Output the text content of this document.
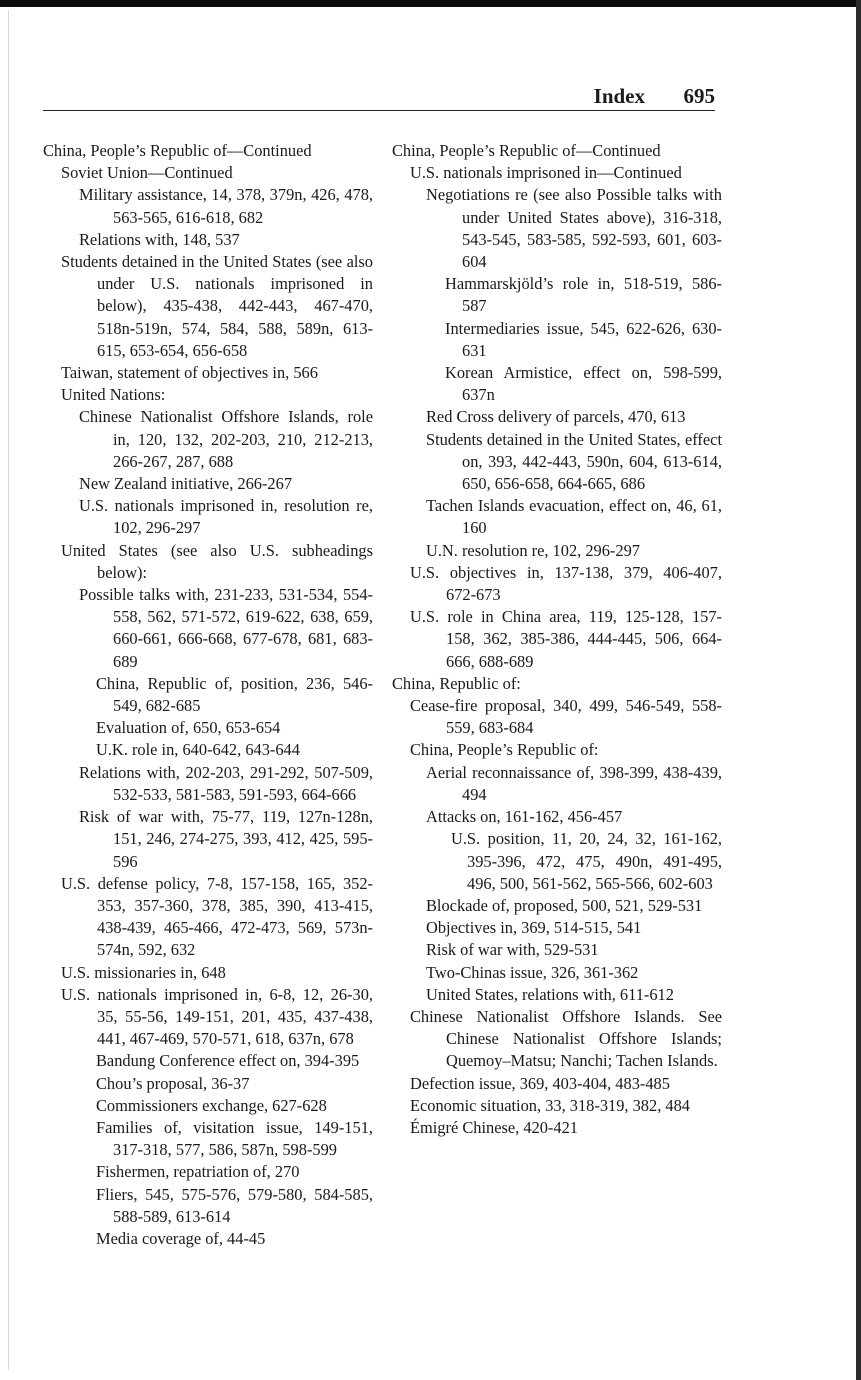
Index 695

China, People’s Republic of—Continued

Soviet Union—Continued

Military assistance, 14, 378, 379n, 426, 478, 563-565, 616-618, 682

Relations with, 148, 537

Students detained in the United States (see also under U.S. nationals imprisoned in below), 435-438, 442-443, 467-470, 518n-519n, 574, 584, 588, 589n, 613-615, 653-654, 656-658

Taiwan, statement of objectives in, 566

United Nations:

Chinese Nationalist Offshore Islands, role in, 120, 132, 202-203, 210, 212-213, 266-267, 287, 688

New Zealand initiative, 266-267

U.S. nationals imprisoned in, resolution re, 102, 296-297

United States (see also U.S. subheadings below):

Possible talks with, 231-233, 531-534, 554-558, 562, 571-572, 619-622, 638, 659, 660-661, 666-668, 677-678, 681, 683-689

China, Republic of, position, 236, 546-549, 682-685

Evaluation of, 650, 653-654

U.K. role in, 640-642, 643-644

Relations with, 202-203, 291-292, 507-509, 532-533, 581-583, 591-593, 664-666

Risk of war with, 75-77, 119, 127n-128n, 151, 246, 274-275, 393, 412, 425, 595-596

U.S. defense policy, 7-8, 157-158, 165, 352-353, 357-360, 378, 385, 390, 413-415, 438-439, 465-466, 472-473, 569, 573n-574n, 592, 632

U.S. missionaries in, 648

U.S. nationals imprisoned in, 6-8, 12, 26-30, 35, 55-56, 149-151, 201, 435, 437-438, 441, 467-469, 570-571, 618, 637n, 678

Bandung Conference effect on, 394-395

Chou’s proposal, 36-37

Commissioners exchange, 627-628

Families of, visitation issue, 149-151, 317-318, 577, 586, 587n, 598-599

Fishermen, repatriation of, 270

Fliers, 545, 575-576, 579-580, 584-585, 588-589, 613-614

Media coverage of, 44-45

China, People’s Republic of—Continued

U.S. nationals imprisoned in—Continued

Negotiations re (see also Possible talks with under United States above), 316-318, 543-545, 583-585, 592-593, 601, 603-604

Hammarskjöld’s role in, 518-519, 586-587

Intermediaries issue, 545, 622-626, 630-631

Korean Armistice, effect on, 598-599, 637n

Red Cross delivery of parcels, 470, 613

Students detained in the United States, effect on, 393, 442-443, 590n, 604, 613-614, 650, 656-658, 664-665, 686

Tachen Islands evacuation, effect on, 46, 61, 160

U.N. resolution re, 102, 296-297

U.S. objectives in, 137-138, 379, 406-407, 672-673

U.S. role in China area, 119, 125-128, 157-158, 362, 385-386, 444-445, 506, 664-666, 688-689

China, Republic of:

Cease-fire proposal, 340, 499, 546-549, 558-559, 683-684

China, People’s Republic of:

Aerial reconnaissance of, 398-399, 438-439, 494

Attacks on, 161-162, 456-457

U.S. position, 11, 20, 24, 32, 161-162, 395-396, 472, 475, 490n, 491-495, 496, 500, 561-562, 565-566, 602-603

Blockade of, proposed, 500, 521, 529-531

Objectives in, 369, 514-515, 541

Risk of war with, 529-531

Two-Chinas issue, 326, 361-362

United States, relations with, 611-612

Chinese Nationalist Offshore Islands. See Chinese Nationalist Offshore Islands; Quemoy–Matsu; Nanchi; Tachen Islands.

Defection issue, 369, 403-404, 483-485

Economic situation, 33, 318-319, 382, 484

Émigré Chinese, 420-421
